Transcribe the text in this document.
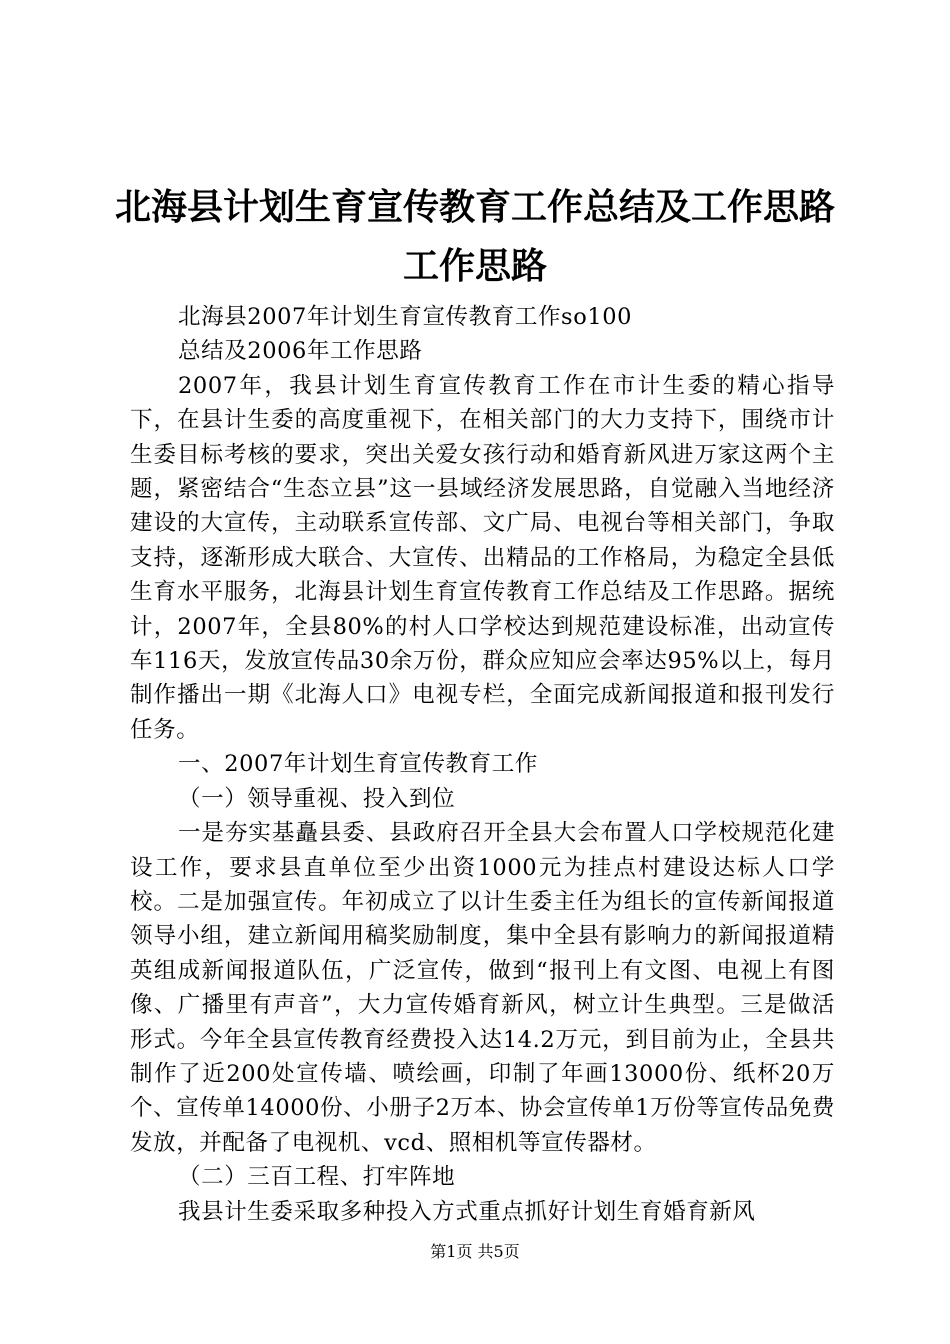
北海县计划生育宣传教育工作总结及工作思路
工作思路

北海县2007年计划生育宣传教育工作so100

总结及2006年工作思路

2007年，我县计划生育宣传教育工作在市计生委的精心指导下，在县计生委的高度重视下，在相关部门的大力支持下，围绕市计生委目标考核的要求，突出关爱女孩行动和婚育新风进万家这两个主题，紧密结合“生态立县”这一县域经济发展思路，自觉融入当地经济建设的大宣传，主动联系宣传部、文广局、电视台等相关部门，争取支持，逐渐形成大联合、大宣传、出精品的工作格局，为稳定全县低生育水平服务，北海县计划生育宣传教育工作总结及工作思路。据统计，2007年，全县80%的村人口学校达到规范建设标准，出动宣传车116天，发放宣传品30余万份，群众应知应会率达95%以上，每月制作播出一期《北海人口》电视专栏，全面完成新闻报道和报刊发行任务。

一、2007年计划生育宣传教育工作

（一）领导重视、投入到位

一是夯实基矗县委、县政府召开全县大会布置人口学校规范化建设工作，要求县直单位至少出资1000元为挂点村建设达标人口学校。二是加强宣传。年初成立了以计生委主任为组长的宣传新闻报道领导小组，建立新闻用稿奖励制度，集中全县有影响力的新闻报道精英组成新闻报道队伍，广泛宣传，做到“报刊上有文图、电视上有图像、广播里有声音”，大力宣传婚育新风，树立计生典型。三是做活形式。今年全县宣传教育经费投入达14.2万元，到目前为止，全县共制作了近200处宣传墙、喷绘画，印制了年画13000份、纸杯20万个、宣传单14000份、小册子2万本、协会宣传单1万份等宣传品免费发放，并配备了电视机、vcd、照相机等宣传器材。

（二）三百工程、打牢阵地

我县计生委采取多种投入方式重点抓好计划生育婚育新风

第1页 共5页
